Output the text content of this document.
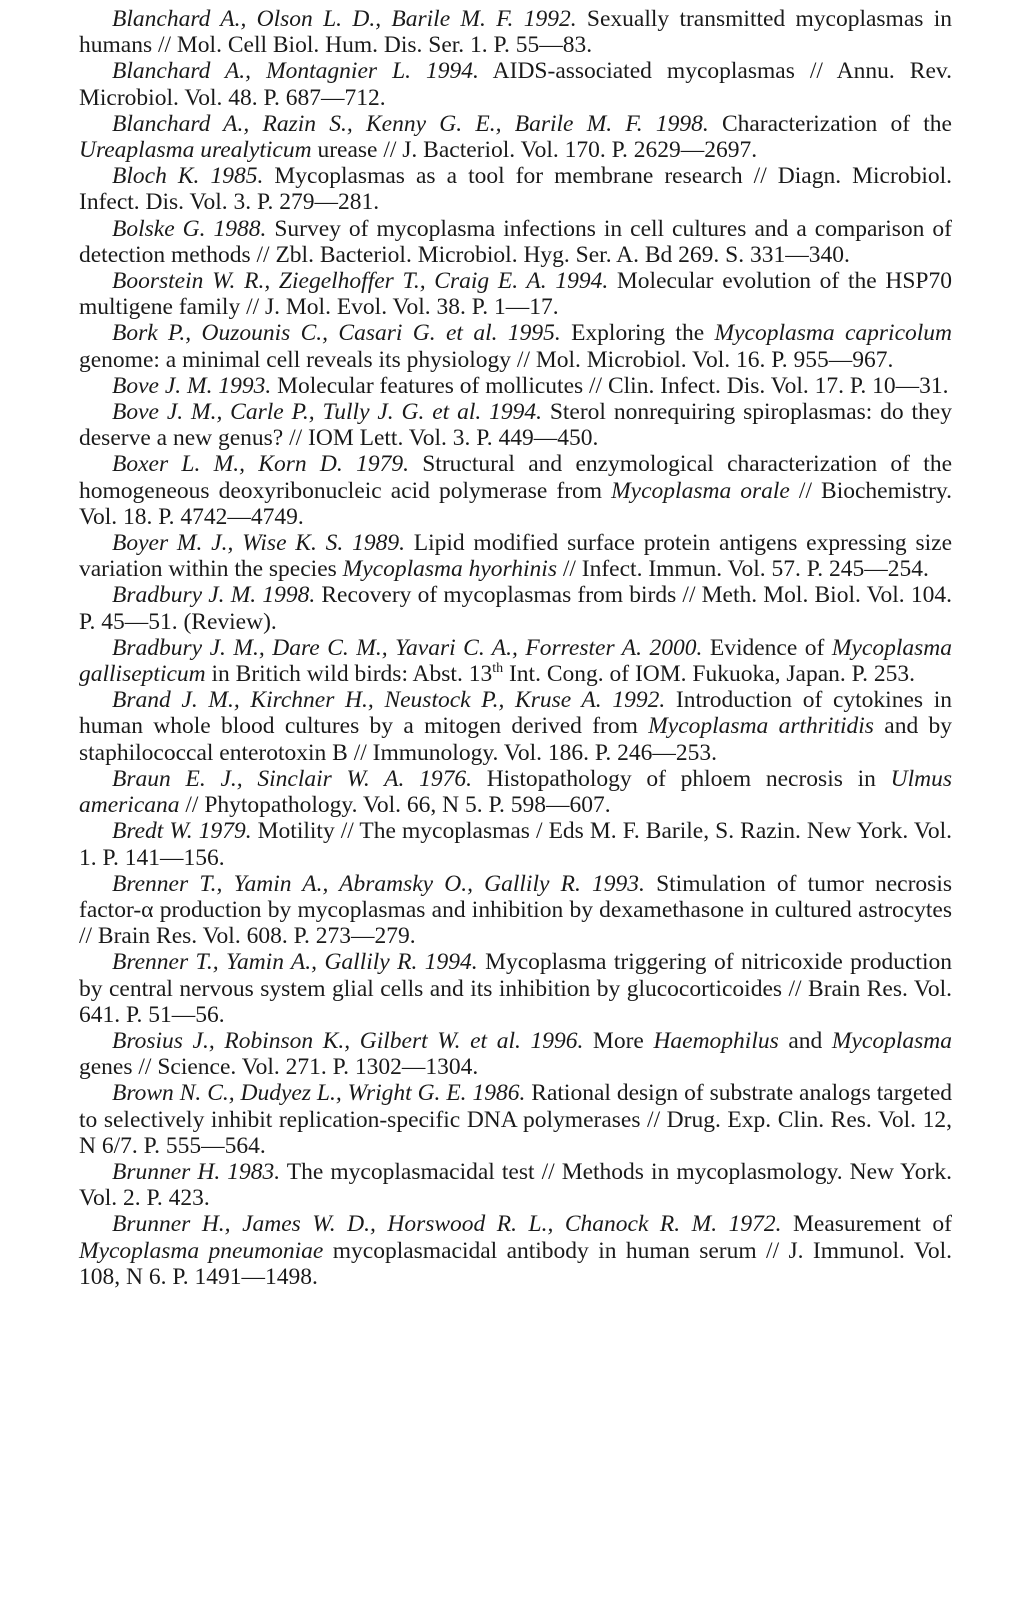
Blanchard A., Olson L. D., Barile M. F. 1992. Sexually transmitted mycoplasmas in humans // Mol. Cell Biol. Hum. Dis. Ser. 1. P. 55—83.

Blanchard A., Montagnier L. 1994. AIDS-associated mycoplasmas // Annu. Rev. Microbiol. Vol. 48. P. 687—712.

Blanchard A., Razin S., Kenny G. E., Barile M. F. 1998. Characterization of the Ureaplasma urealyticum urease // J. Bacteriol. Vol. 170. P. 2629—2697.

Bloch K. 1985. Mycoplasmas as a tool for membrane research // Diagn. Microbiol. Infect. Dis. Vol. 3. P. 279—281.

Bolske G. 1988. Survey of mycoplasma infections in cell cultures and a comparison of detection methods // Zbl. Bacteriol. Microbiol. Hyg. Ser. A. Bd 269. S. 331—340.

Boorstein W. R., Ziegelhoffer T., Craig E. A. 1994. Molecular evolution of the HSP70 multigene family // J. Mol. Evol. Vol. 38. P. 1—17.

Bork P., Ouzounis C., Casari G. et al. 1995. Exploring the Mycoplasma capricolum genome: a minimal cell reveals its physiology // Mol. Microbiol. Vol. 16. P. 955—967.

Bove J. M. 1993. Molecular features of mollicutes // Clin. Infect. Dis. Vol. 17. P. 10—31.

Bove J. M., Carle P., Tully J. G. et al. 1994. Sterol nonrequiring spiroplasmas: do they deserve a new genus? // IOM Lett. Vol. 3. P. 449—450.

Boxer L. M., Korn D. 1979. Structural and enzymological characterization of the homogeneous deoxyribonucleic acid polymerase from Mycoplasma orale // Biochemistry. Vol. 18. P. 4742—4749.

Boyer M. J., Wise K. S. 1989. Lipid modified surface protein antigens expressing size variation within the species Mycoplasma hyorhinis // Infect. Immun. Vol. 57. P. 245—254.

Bradbury J. M. 1998. Recovery of mycoplasmas from birds // Meth. Mol. Biol. Vol. 104. P. 45—51. (Review).

Bradbury J. M., Dare C. M., Yavari C. A., Forrester A. 2000. Evidence of Mycoplasma gallisepticum in Britich wild birds: Abst. 13th Int. Cong. of IOM. Fukuoka, Japan. P. 253.

Brand J. M., Kirchner H., Neustock P., Kruse A. 1992. Introduction of cytokines in human whole blood cultures by a mitogen derived from Mycoplasma arthritidis and by staphilococcal enterotoxin B // Immunology. Vol. 186. P. 246—253.

Braun E. J., Sinclair W. A. 1976. Histopathology of phloem necrosis in Ulmus americana // Phytopathology. Vol. 66, N 5. P. 598—607.

Bredt W. 1979. Motility // The mycoplasmas / Eds M. F. Barile, S. Razin. New York. Vol. 1. P. 141—156.

Brenner T., Yamin A., Abramsky O., Gallily R. 1993. Stimulation of tumor necrosis factor-α production by mycoplasmas and inhibition by dexamethasone in cultured astrocytes // Brain Res. Vol. 608. P. 273—279.

Brenner T., Yamin A., Gallily R. 1994. Mycoplasma triggering of nitricoxide production by central nervous system glial cells and its inhibition by glucocorticoides // Brain Res. Vol. 641. P. 51—56.

Brosius J., Robinson K., Gilbert W. et al. 1996. More Haemophilus and Mycoplasma genes // Science. Vol. 271. P. 1302—1304.

Brown N. C., Dudyez L., Wright G. E. 1986. Rational design of substrate analogs targeted to selectively inhibit replication-specific DNA polymerases // Drug. Exp. Clin. Res. Vol. 12, N 6/7. P. 555—564.

Brunner H. 1983. The mycoplasmacidal test // Methods in mycoplasmology. New York. Vol. 2. P. 423.

Brunner H., James W. D., Horswood R. L., Chanock R. M. 1972. Measurement of Mycoplasma pneumoniae mycoplasmacidal antibody in human serum // J. Immunol. Vol. 108, N 6. P. 1491—1498.
